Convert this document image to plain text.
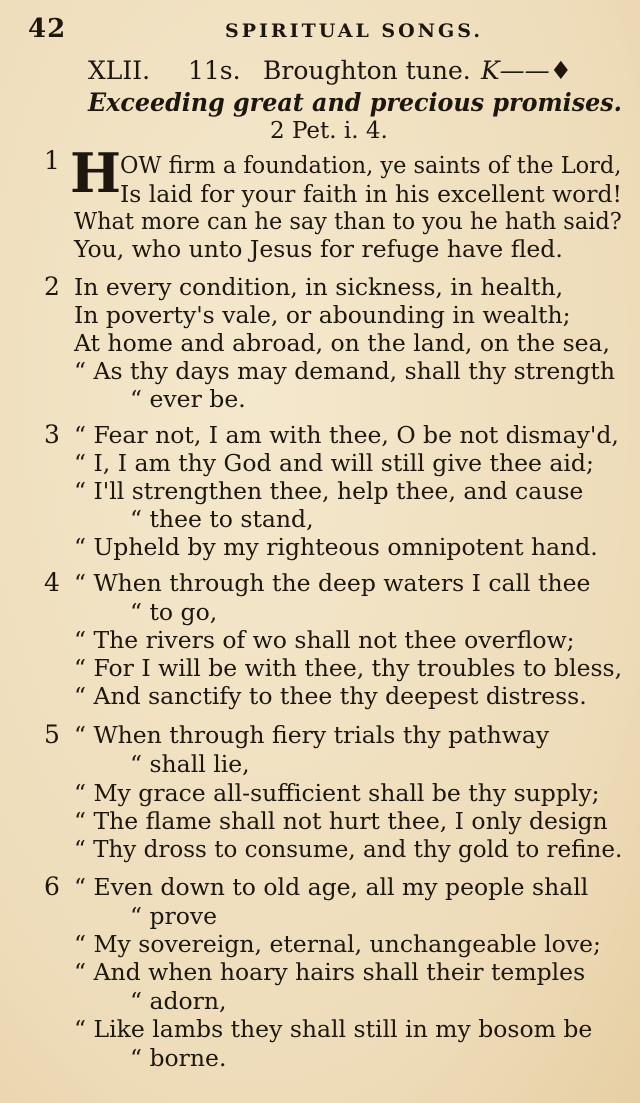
42	SPIRITUAL SONGS.
XLII. 11s. Broughton tune. K——♦
Exceeding great and precious promises.
2 Pet. i. 4.
1 H
OW firm a foundation, ye saints of the Lord,
Is laid for your faith in his excellent word!
What more can he say than to you he hath said?
You, who unto Jesus for refuge have fled.
2 In every condition, in sickness, in health,
In poverty's vale, or abounding in wealth;
At home and abroad, on the land, on the sea,
“ As thy days may demand, shall thy strength
“ ever be.
3 “ Fear not, I am with thee, O be not dismay'd,
“ I, I am thy God and will still give thee aid;
“ I'll strengthen thee, help thee, and cause
“ thee to stand,
“ Upheld by my righteous omnipotent hand.
4 “ When through the deep waters I call thee
“ to go,
“ The rivers of wo shall not thee overflow;
“ For I will be with thee, thy troubles to bless,
“ And sanctify to thee thy deepest distress.
5 “ When through fiery trials thy pathway
“ shall lie,
“ My grace all-sufficient shall be thy supply;
“ The flame shall not hurt thee, I only design
“ Thy dross to consume, and thy gold to refine.
6 “ Even down to old age, all my people shall
“ prove
“ My sovereign, eternal, unchangeable love;
“ And when hoary hairs shall their temples
“ adorn,
“ Like lambs they shall still in my bosom be
“ borne.
